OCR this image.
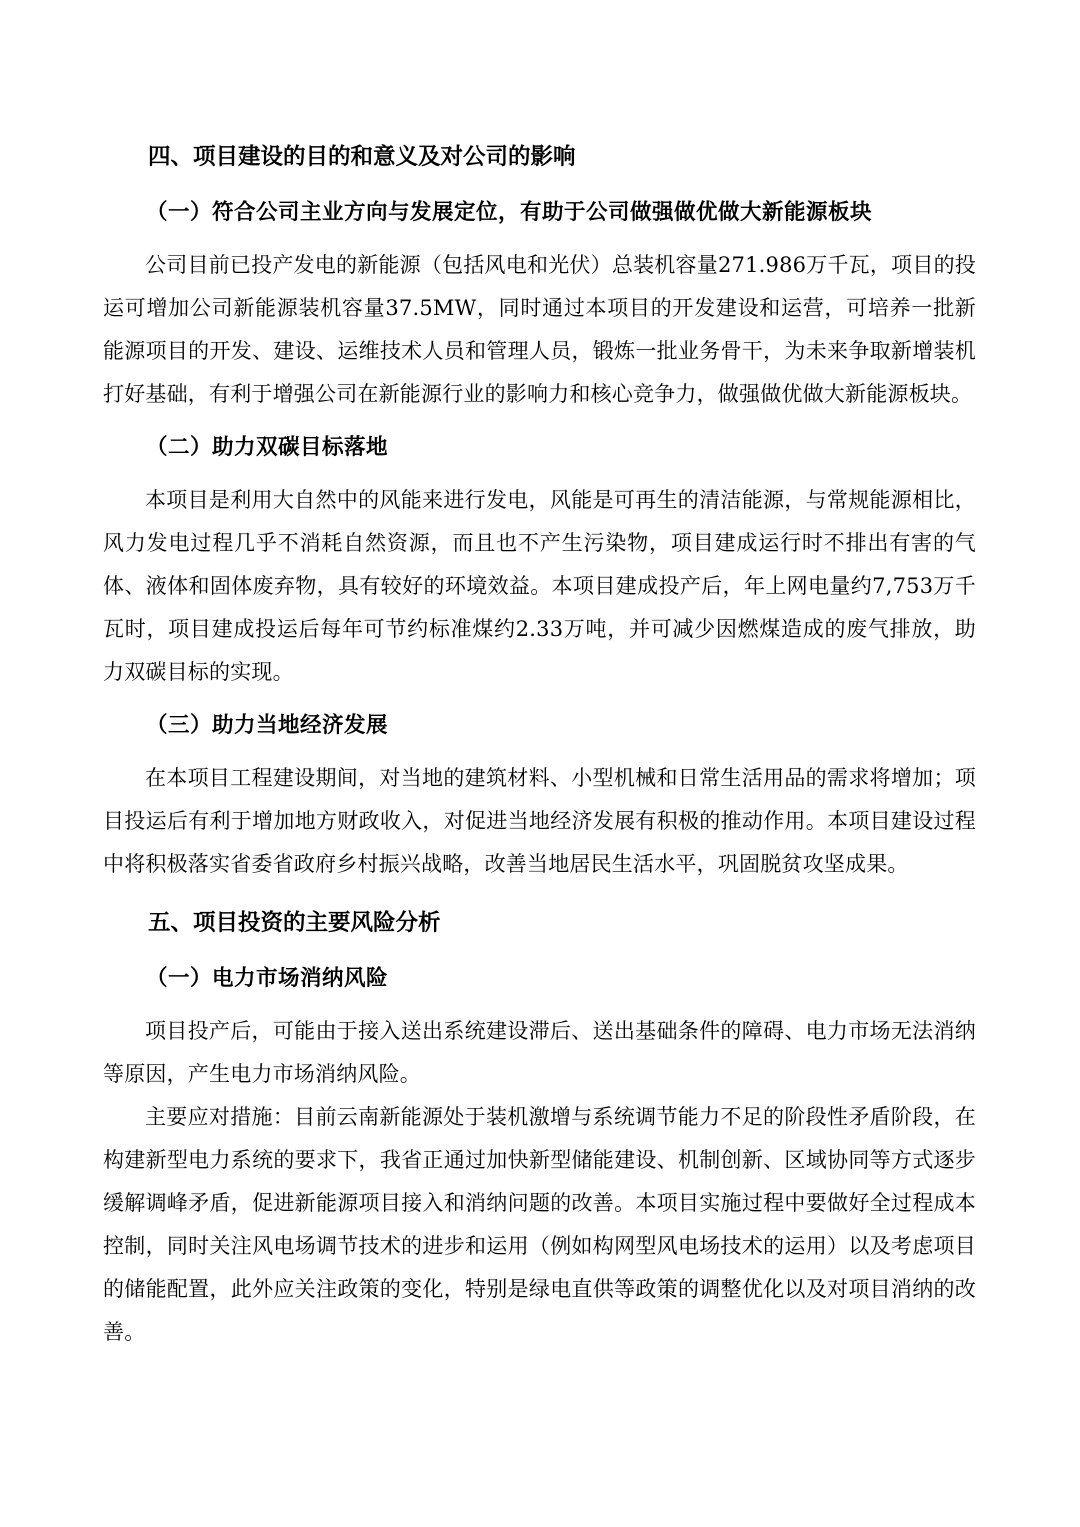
四、项目建设的目的和意义及对公司的影响
（一）符合公司主业方向与发展定位，有助于公司做强做优做大新能源板块

公司目前已投产发电的新能源（包括风电和光伏）总装机容量271.986万千瓦，项目的投运可增加公司新能源装机容量37.5MW，同时通过本项目的开发建设和运营，可培养一批新能源项目的开发、建设、运维技术人员和管理人员，锻炼一批业务骨干，为未来争取新增装机打好基础，有利于增强公司在新能源行业的影响力和核心竞争力，做强做优做大新能源板块。

（二）助力双碳目标落地

本项目是利用大自然中的风能来进行发电，风能是可再生的清洁能源，与常规能源相比，风力发电过程几乎不消耗自然资源，而且也不产生污染物，项目建成运行时不排出有害的气体、液体和固体废弃物，具有较好的环境效益。本项目建成投产后，年上网电量约7,753万千瓦时，项目建成投运后每年可节约标准煤约2.33万吨，并可减少因燃煤造成的废气排放，助力双碳目标的实现。

（三）助力当地经济发展

在本项目工程建设期间，对当地的建筑材料、小型机械和日常生活用品的需求将增加；项目投运后有利于增加地方财政收入，对促进当地经济发展有积极的推动作用。本项目建设过程中将积极落实省委省政府乡村振兴战略，改善当地居民生活水平，巩固脱贫攻坚成果。

五、项目投资的主要风险分析
（一）电力市场消纳风险

项目投产后，可能由于接入送出系统建设滞后、送出基础条件的障碍、电力市场无法消纳等原因，产生电力市场消纳风险。

主要应对措施：目前云南新能源处于装机激增与系统调节能力不足的阶段性矛盾阶段，在构建新型电力系统的要求下，我省正通过加快新型储能建设、机制创新、区域协同等方式逐步缓解调峰矛盾，促进新能源项目接入和消纳问题的改善。本项目实施过程中要做好全过程成本控制，同时关注风电场调节技术的进步和运用（例如构网型风电场技术的运用）以及考虑项目的储能配置，此外应关注政策的变化，特别是绿电直供等政策的调整优化以及对项目消纳的改善。
